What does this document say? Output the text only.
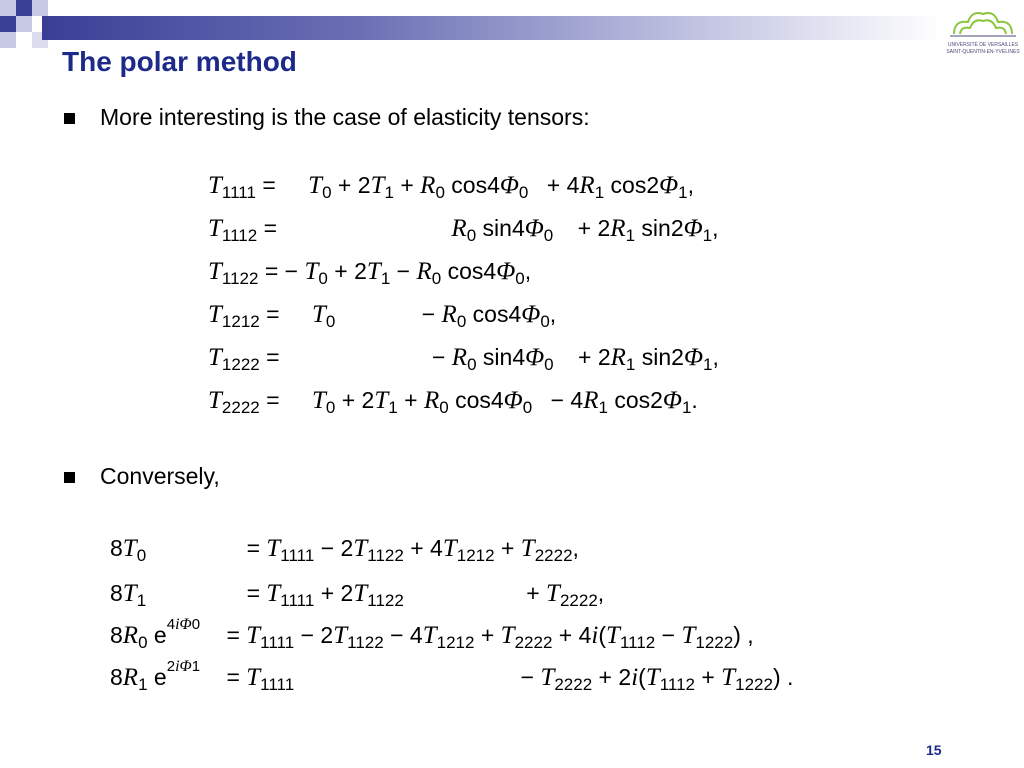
UNIVERSITÉ DE VERSAILLES
SAINT-QUENTIN-EN-YVELINES
The polar method
More interesting is the case of elasticity tensors:
$T_{1111} = T_0 + 2T_1 + R_0$ $\cos 4\Phi_0 + 4R_1$ $\cos 2\Phi_1$,
$T_{1112}$ =	$R_0$ $\sin 4\Phi_0 + 2R_1$ $\sin 2\Phi_1$,
$T_{1122}$ = − $T_0 + 2T_1 - R_0$ $\cos 4\Phi_0$,
$T_{1212} = T_0$	− $R_0$ $\cos 4\Phi_0$,
$T_{1222}$ =	− $R_0$ $\sin 4\Phi_0 + 2R_1$ $\sin 2\Phi_1$,
$T_{2222} = T_0 + 2T_1 + R_0$ $\cos 4\Phi_0 - 4R_1$ $\cos 2\Phi_1$.
Conversely,
$8T_0$	= $T_{1111} - 2T_{1122} + 4T_{1212} + T_{2222}$,
$8T_1$	= $T_{1111} + 2T_{1122}$	+ $T_{2222}$,
$8R_0$ $e^{4i\Phi 0} = T_{1111} - 2T_{1122} - 4T_{1212} + T_{2222} + 4i(T_{1112} - T_{1222})$ ,
$8R_1$ $e^{2i\Phi 1} = T_{1111}$	− $T_{2222} + 2i(T_{1112} + T_{1222})$ .
15
